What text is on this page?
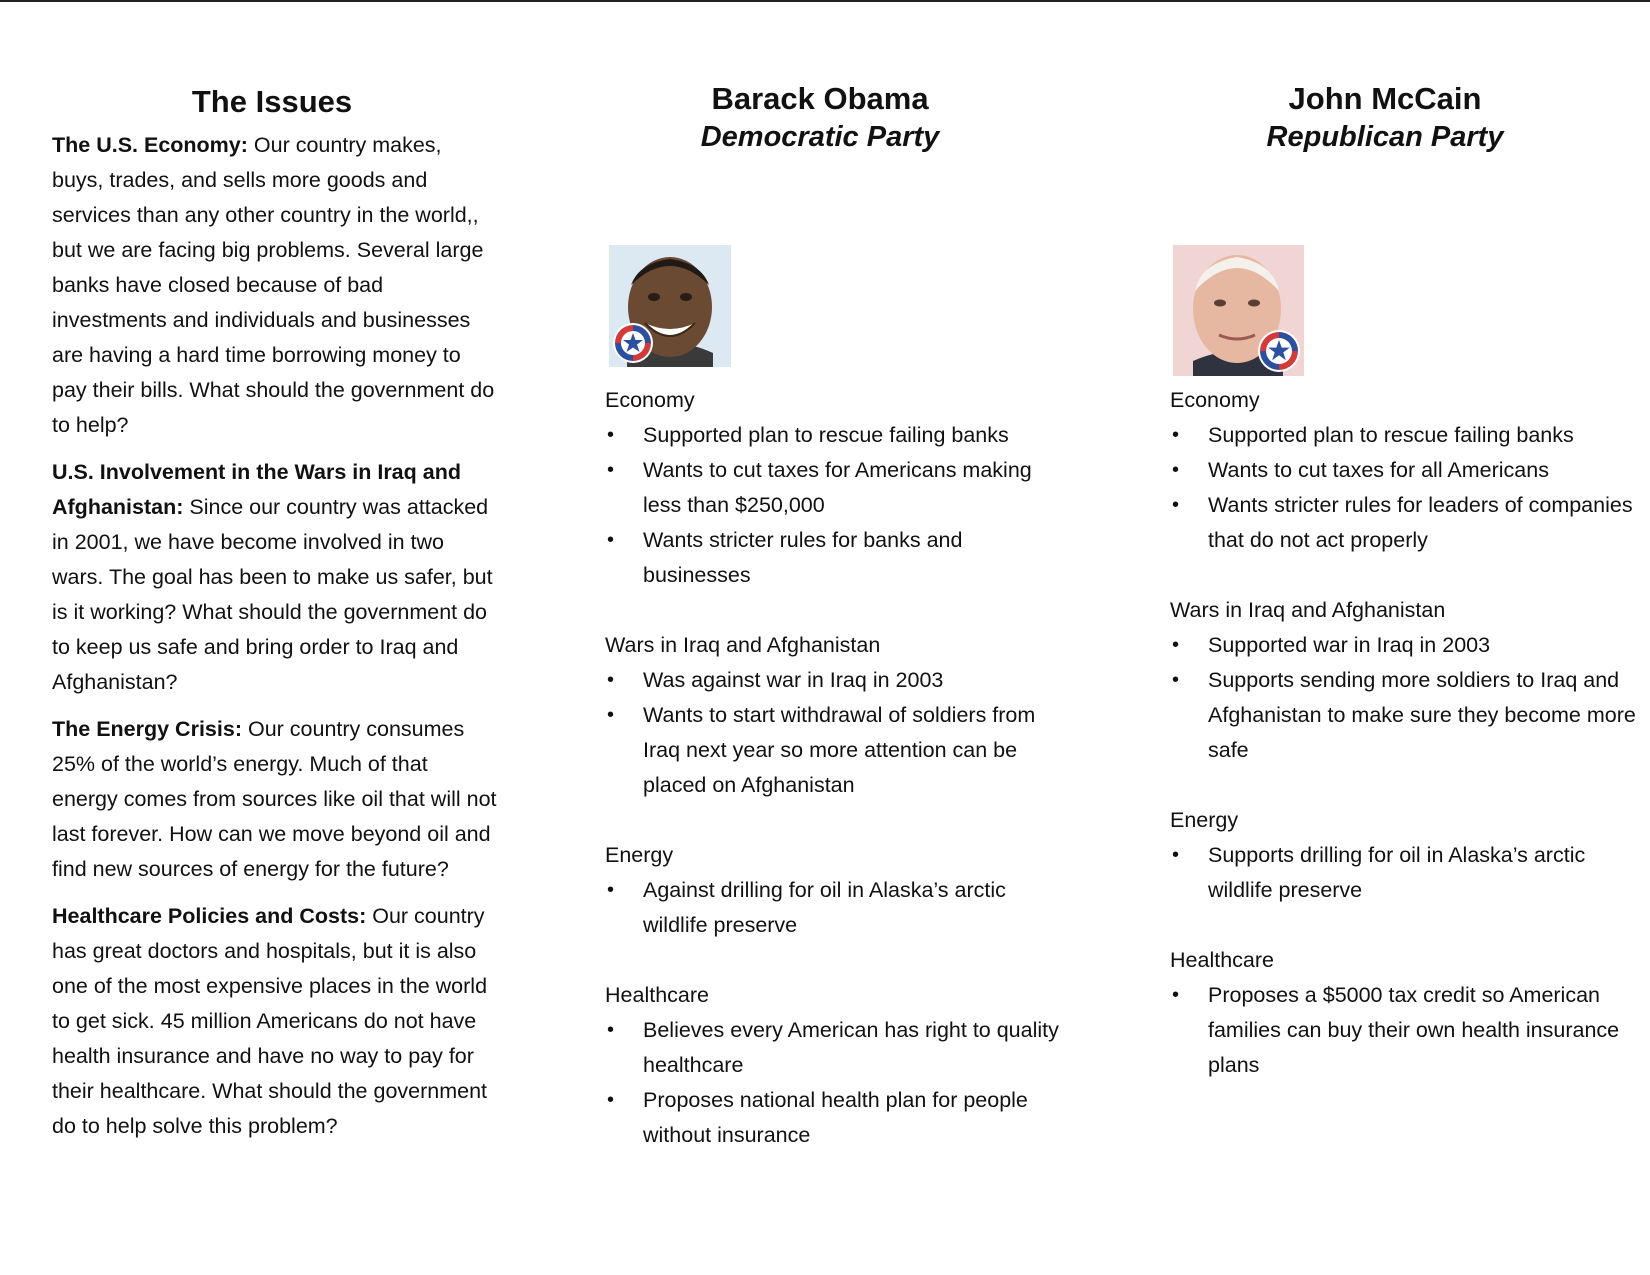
The Issues

The U.S. Economy: Our country makes, buys, trades, and sells more goods and services than any other country in the world,, but we are facing big problems. Several large banks have closed because of bad investments and individuals and businesses are having a hard time borrowing money to pay their bills. What should the government do to help?

U.S. Involvement in the Wars in Iraq and Afghanistan: Since our country was attacked in 2001, we have become involved in two wars. The goal has been to make us safer, but is it working? What should the government do to keep us safe and bring order to Iraq and Afghanistan?

The Energy Crisis: Our country consumes 25% of the world’s energy. Much of that energy comes from sources like oil that will not last forever. How can we move beyond oil and find new sources of energy for the future?

Healthcare Policies and Costs: Our country has great doctors and hospitals, but it is also one of the most expensive places in the world to get sick. 45 million Americans do not have health insurance and have no way to pay for their healthcare. What should the government do to help solve this problem?

Barack Obama
Democratic Party

Economy

• Supported plan to rescue failing banks
• Wants to cut taxes for Americans making less than $250,000
• Wants stricter rules for banks and businesses

Wars in Iraq and Afghanistan

• Was against war in Iraq in 2003
• Wants to start withdrawal of soldiers from Iraq next year so more attention can be placed on Afghanistan

Energy

• Against drilling for oil in Alaska’s arctic wildlife preserve

Healthcare

• Believes every American has right to quality healthcare
• Proposes national health plan for people without insurance
John McCain
Republican Party

Economy

• Supported plan to rescue failing banks
• Wants to cut taxes for all Americans
• Wants stricter rules for leaders of companies that do not act properly

Wars in Iraq and Afghanistan

• Supported war in Iraq in 2003
• Supports sending more soldiers to Iraq and Afghanistan to make sure they become more safe

Energy

• Supports drilling for oil in Alaska’s arctic wildlife preserve

Healthcare

• Proposes a $5000 tax credit so American families can buy their own health insurance plans
